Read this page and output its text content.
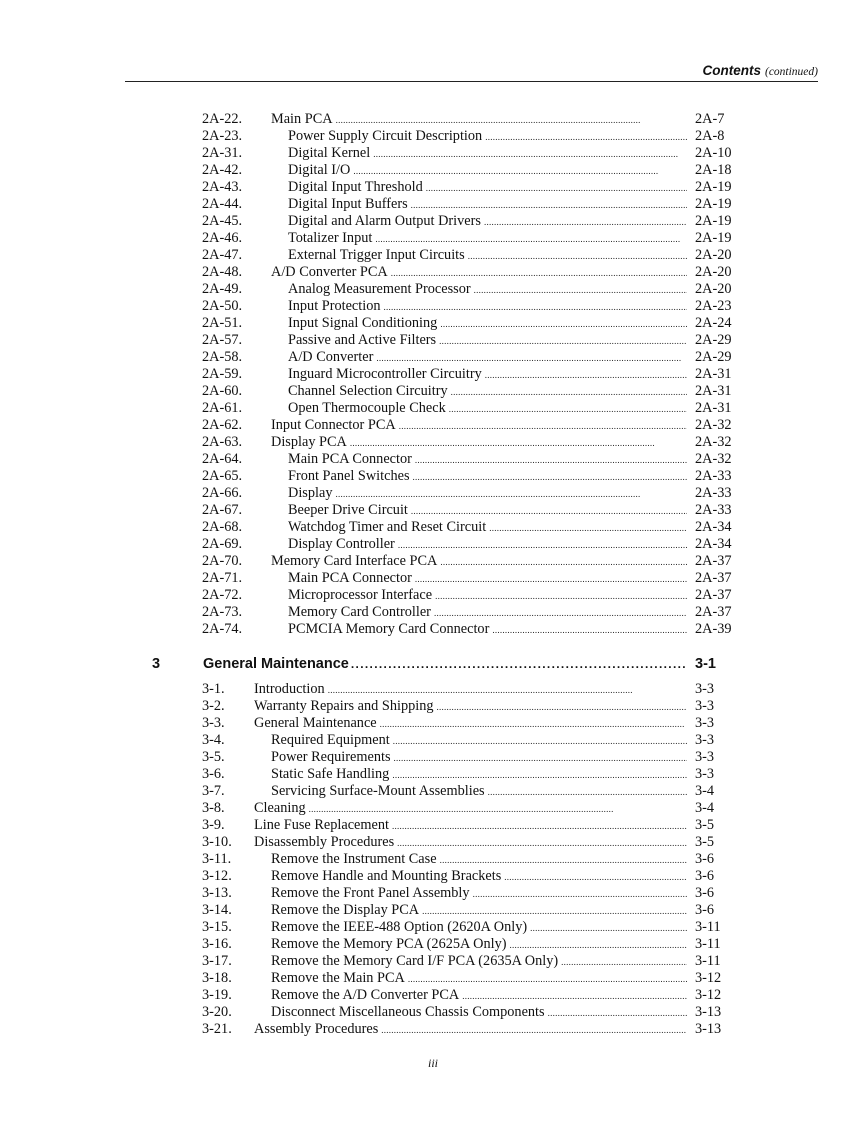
Contents (continued)
2A-22. Main PCA . . .	2A-7
2A-23.	Power Supply Circuit Description . . .	2A-8
2A-31.	Digital Kernel . . .	2A-10
2A-42.	Digital I/O . . .	2A-18
2A-43.	Digital Input Threshold . . .	2A-19
2A-44.	Digital Input Buffers . . .	2A-19
2A-45.	Digital and Alarm Output Drivers . . .	2A-19
2A-46.	Totalizer Input . . .	2A-19
2A-47.	External Trigger Input Circuits . . .	2A-20
2A-48. A/D Converter PCA . . .	2A-20
2A-49.	Analog Measurement Processor . . .	2A-20
2A-50.	Input Protection . . .	2A-23
2A-51.	Input Signal Conditioning . . .	2A-24
2A-57.	Passive and Active Filters . . .	2A-29
2A-58.	A/D Converter . . .	2A-29
2A-59.	Inguard Microcontroller Circuitry . . .	2A-31
2A-60.	Channel Selection Circuitry . . .	2A-31
2A-61.	Open Thermocouple Check . . .	2A-31
2A-62. Input Connector PCA . . .	2A-32
2A-63. Display PCA . . .	2A-32
2A-64.	Main PCA Connector . . .	2A-32
2A-65.	Front Panel Switches . . .	2A-33
2A-66.	Display . . .	2A-33
2A-67.	Beeper Drive Circuit . . .	2A-33
2A-68.	Watchdog Timer and Reset Circuit . . .	2A-34
2A-69.	Display Controller . . .	2A-34
2A-70. Memory Card Interface PCA . . .	2A-37
2A-71.	Main PCA Connector . . .	2A-37
2A-72.	Microprocessor Interface . . .	2A-37
2A-73.	Memory Card Controller . . .	2A-37
2A-74.	PCMCIA Memory Card Connector . . .	2A-39
3	General Maintenance . . .	3-1
3-1. Introduction . . .	3-3
3-2. Warranty Repairs and Shipping . . .	3-3
3-3. General Maintenance . . .	3-3
3-4.	Required Equipment . . .	3-3
3-5.	Power Requirements . . .	3-3
3-6.	Static Safe Handling . . .	3-3
3-7.	Servicing Surface-Mount Assemblies . . .	3-4
3-8. Cleaning . . .	3-4
3-9. Line Fuse Replacement . . .	3-5
3-10. Disassembly Procedures . . .	3-5
3-11.	Remove the Instrument Case . . .	3-6
3-12.	Remove Handle and Mounting Brackets . . .	3-6
3-13.	Remove the Front Panel Assembly . . .	3-6
3-14.	Remove the Display PCA . . .	3-6
3-15.	Remove the IEEE-488 Option (2620A Only) . . .	3-11
3-16.	Remove the Memory PCA (2625A Only) . . .	3-11
3-17.	Remove the Memory Card I/F PCA (2635A Only) . . .	3-11
3-18.	Remove the Main PCA . . .	3-12
3-19.	Remove the A/D Converter PCA . . .	3-12
3-20.	Disconnect Miscellaneous Chassis Components . . .	3-13
3-21. Assembly Procedures . . .	3-13
iii
